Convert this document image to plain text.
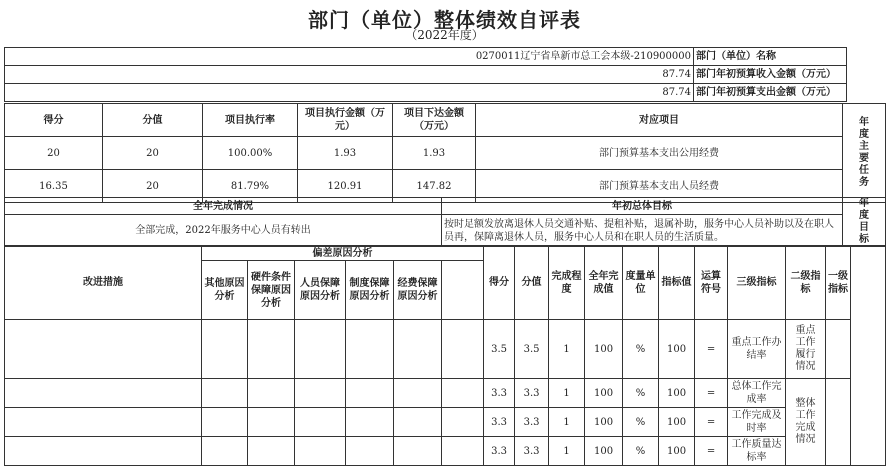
部门（单位）整体绩效自评表
（2022年度）
0270011辽宁省阜新市总工会本级-210900000	部门（单位）名称
87.74	部门年初预算收入金额（万元）
87.74	部门年初预算支出金额（万元）
得分	分值	项目执行率	项目执行金额（万元）	项目下达金额（万元）	对应项目	年度主要任务

20	20	100.00%	1.93	1.93	部门预算基本支出公用经费	
16.35	20	81.79%	120.91	147.82	部门预算基本支出人员经费	
全年完成情况	年初总体目标	年度目标

全部完成，2022年服务中心人员有转出	按时足额发放离退休人员交通补贴、提租补贴，退属补助，服务中心人员补助以及在职人员再，保障离退休人员，服务中心人员和在职人员的生活质量。	
改进措施	偏差原因分析						得分	分值	完成程度	全年完成值	度量单位	指标值	运算符号	三级指标	二级指标	一级指标	
	其他原因分析	硬件条件保障原因分析	人员保障原因分析	制度保障原因分析	经费保障原因分析												
							3.5	3.5	1	100	%	100	=	重点工作办结率	重点工作履行情况		

							3.3	3.3	1	100	%	100	=	总体工作完成率	整体工作完成情况		

							3.3	3.3	1	100	%	100	=	工作完成及时率			
							3.3	3.3	1	100	%	100	=	工作质量达标率			
